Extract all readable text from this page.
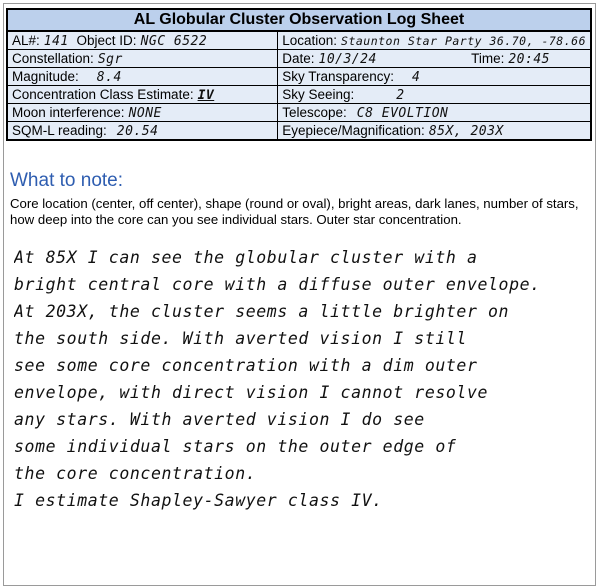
AL Globular Cluster Observation Log Sheet	
AL#: 141 Object ID: NGC 6522	Location: Staunton Star Party 36.70, -78.66
Constellation: Sgr	Date: 10/3/24 Time: 20:45

Magnitude: 8.4	Sky Transparency: 4
Concentration Class Estimate: IV	Sky Seeing: 2
Moon interference: NONE	Telescope: C8 EVOLTION
SQM-L reading: 20.54	Eyepiece/Magnification: 85X, 203X
What to note:
Core location (center, off center), shape (round or oval), bright areas, dark lanes, number of stars, how deep into the core can you see individual stars. Outer star concentration.
At 85X I can see the globular cluster with a
bright central core with a diffuse outer envelope.
At 203X, the cluster seems a little brighter on
the south side. With averted vision I still
see some core concentration with a dim outer
envelope, with direct vision I cannot resolve
any stars. With averted vision I do see
some individual stars on the outer edge of
the core concentration.
I estimate Shapley-Sawyer class IV.
